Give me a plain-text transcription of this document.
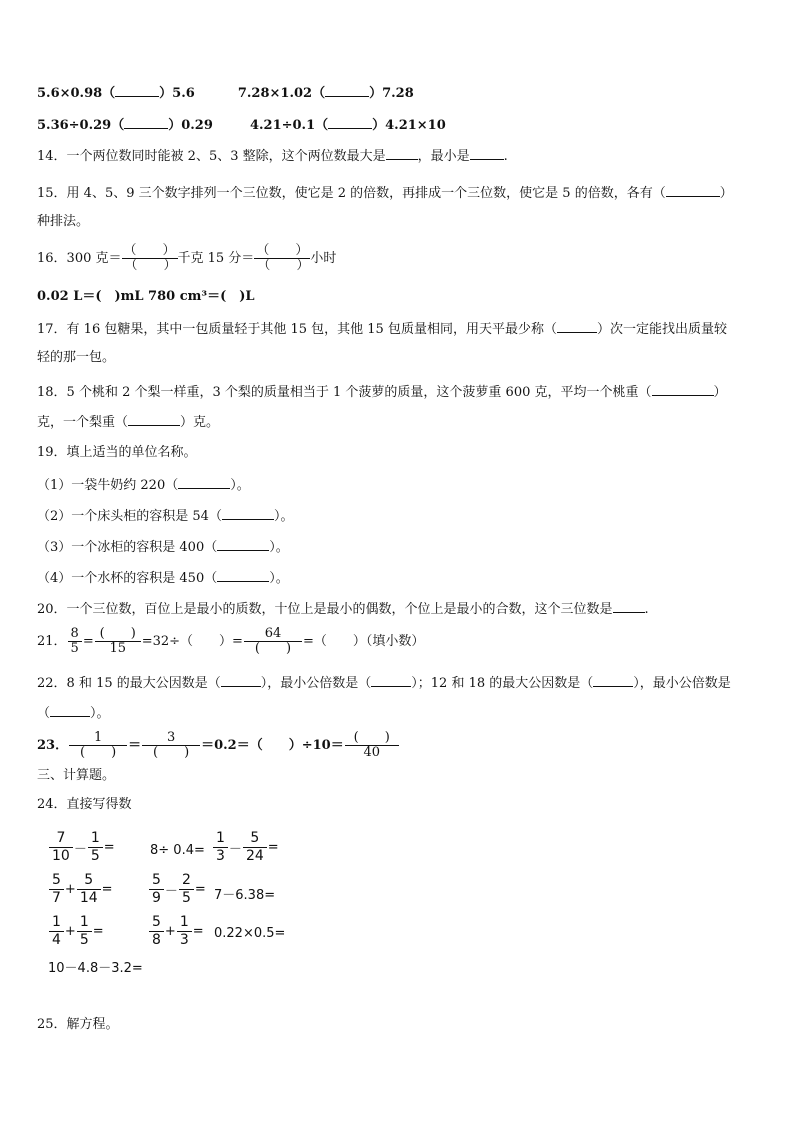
5.6×0.98（	）5.6	7.28×1.02（	）7.28
5.36÷0.29（	）0.29	4.21÷0.1（	）4.21×10
14．一个两位数同时能被 2、5、3 整除，这个两位数最大是 ，最小是	.
15．用 4、5、9 三个数字排列一个三位数，使它是 2 的倍数，再排成一个三位数，使它是 5 的倍数，各有（	）
种排法。
16．300 克＝ $\frac{( )}{( )}$ 千克 15 分＝ $\frac{( )}{( )}$ 小时
0.02 L＝(　)mL 780 cm³＝(　)L
17．有 16 包糖果，其中一包质量轻于其他 15 包，其他 15 包质量相同，用天平最少称（	）次一定能找出质量较
轻的那一包。
18．5 个桃和 2 个梨一样重，3 个梨的质量相当于 1 个菠萝的质量，这个菠萝重 600 克，平均一个桃重（	）
克，一个梨重（	）克。
19．填上适当的单位名称。
（1）一袋牛奶约 220（	）。
（2）一个床头柜的容积是 54（	）。
（3）一个冰柜的容积是 400（	）。
（4）一个水杯的容积是 450（	）。
20．一个三位数，百位上是最小的质数，十位上是最小的偶数，个位上是最小的合数，这个三位数是 .
21． $\frac{8}{5} = \frac{( )}{15} =32\div$（　　）= $\frac{64}{( )}$ =（　　）（填小数）
22．8 和 15 的最大公因数是（	），最小公倍数是（	）；12 和 18 的最大公因数是（	），最小公倍数是
（	）。
23． $\frac{1}{( )} = \frac{3}{( )} =0.2=$（　　）$\div 10= \frac{( )}{40}$
三、计算题。
24．直接写得数
$\frac{7}{10} - \frac{1}{5}$ =	$8\div 0.4= \frac{1}{3} - \frac{5}{24}$ =
$\frac{5}{7} + \frac{5}{14}$ =	$\frac{5}{9} - \frac{2}{5} = 7-6.38=$
$\frac{1}{4} + \frac{1}{5}$ =	$\frac{5}{8} + \frac{1}{3} = 0.22\times 0.5=$
10－4.8－3.2=
25．解方程。
